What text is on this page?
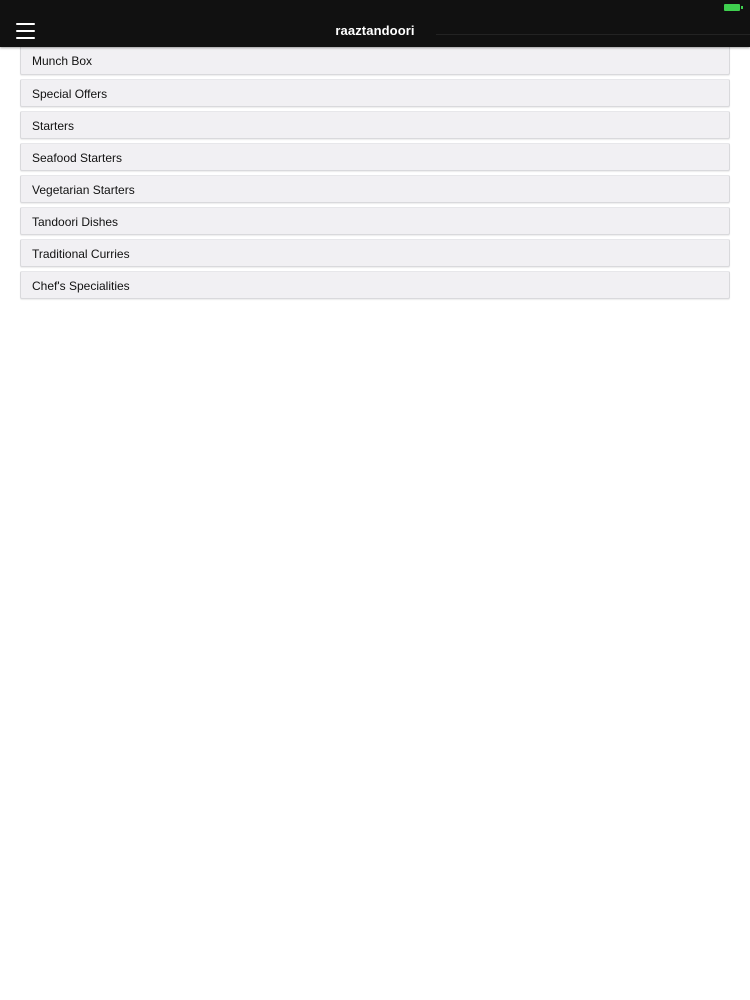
raaztandoori
Munch Box
Special Offers
Starters
Seafood Starters
Vegetarian Starters
Tandoori Dishes
Traditional Curries
Chef's Specialities
